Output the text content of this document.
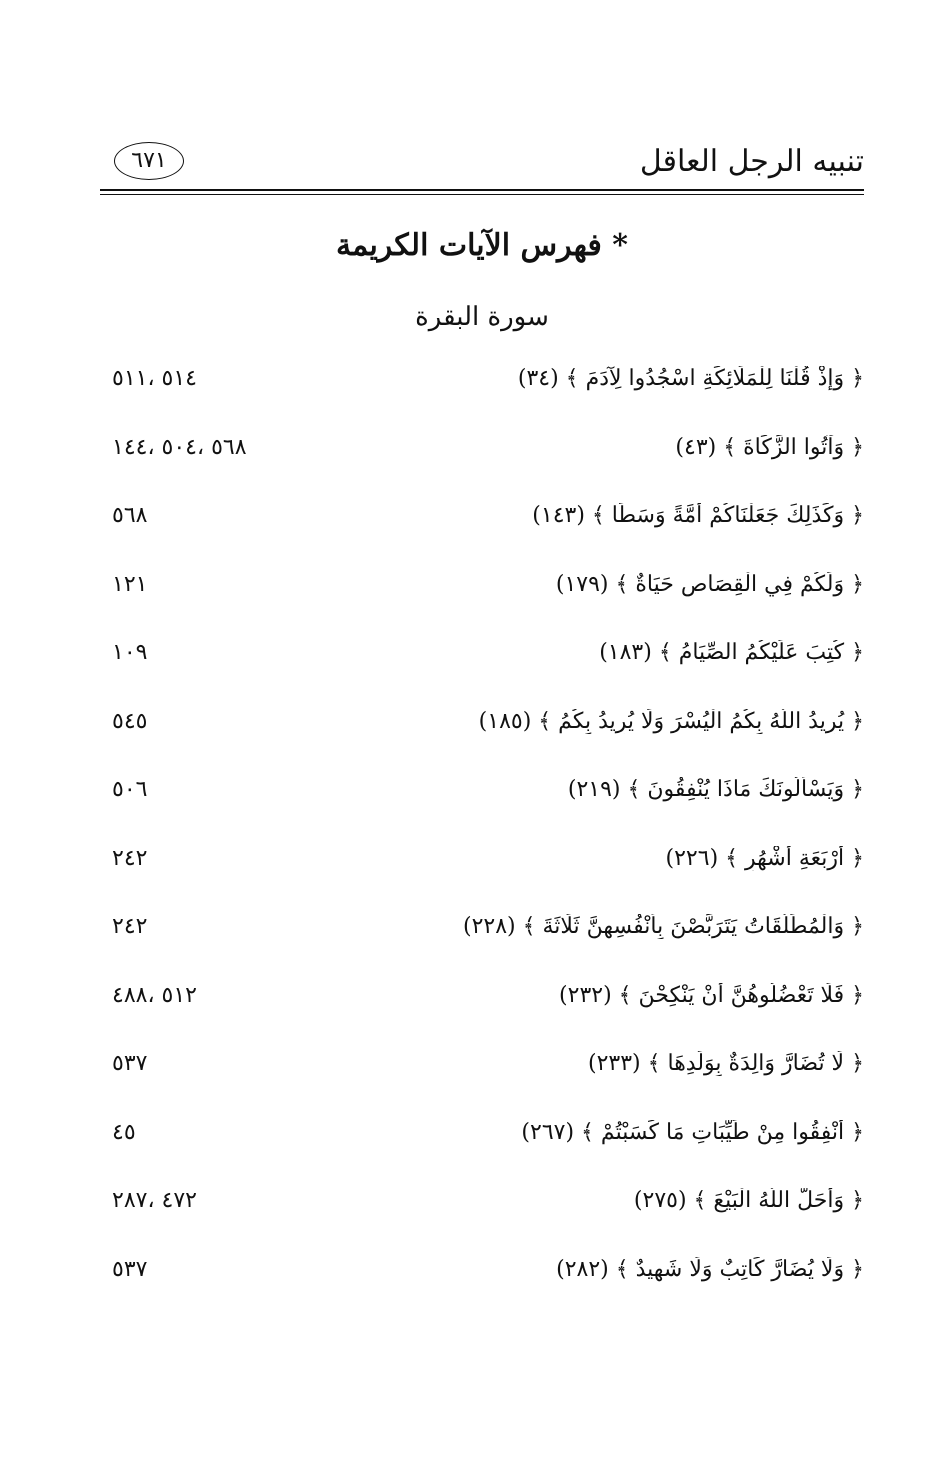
تنبيه الرجل العاقل
٦٧١
* فهرس الآيات الكريمة
سورة البقرة
﴿ وَإِذْ قُلْنَا لِلْمَلَائِكَةِ اسْجُدُوا لِآدَمَ ﴾ (٣٤)
٥١٤ ،٥١١
﴿ وَآتُوا الزَّكَاةَ ﴾ (٤٣)
٥٦٨ ،٥٠٤ ،١٤٤
﴿ وَكَذَلِكَ جَعَلْنَاكُمْ أُمَّةً وَسَطًا ﴾ (١٤٣)
٥٦٨
﴿ وَلَكُمْ فِي الْقِصَاصِ حَيَاةٌ ﴾ (١٧٩)
١٢١
﴿ كُتِبَ عَلَيْكُمُ الصِّيَامُ ﴾ (١٨٣)
١٠٩
﴿ يُرِيدُ اللَّهُ بِكُمُ الْيُسْرَ وَلَا يُرِيدُ بِكُمُ ﴾ (١٨٥)
٥٤٥
﴿ وَيَسْأَلُونَكَ مَاذَا يُنْفِقُونَ ﴾ (٢١٩)
٥٠٦
﴿ أَرْبَعَةِ أَشْهُرٍ ﴾ (٢٢٦)
٢٤٢
﴿ وَالْمُطَلَّقَاتُ يَتَرَبَّصْنَ بِأَنْفُسِهِنَّ ثَلَاثَةَ ﴾ (٢٢٨)
٢٤٢
﴿ فَلَا تَعْضُلُوهُنَّ أَنْ يَنْكِحْنَ ﴾ (٢٣٢)
٥١٢ ،٤٨٨
﴿ لَا تُضَارَّ وَالِدَةٌ بِوَلَدِهَا ﴾ (٢٣٣)
٥٣٧
﴿ أَنْفِقُوا مِنْ طَيِّبَاتِ مَا كَسَبْتُمْ ﴾ (٢٦٧)
٤٥
﴿ وَأَحَلَّ اللَّهُ الْبَيْعَ ﴾ (٢٧٥)
٤٧٢ ،٢٨٧
﴿ وَلَا يُضَارَّ كَاتِبٌ وَلَا شَهِيدٌ ﴾ (٢٨٢)
٥٣٧
